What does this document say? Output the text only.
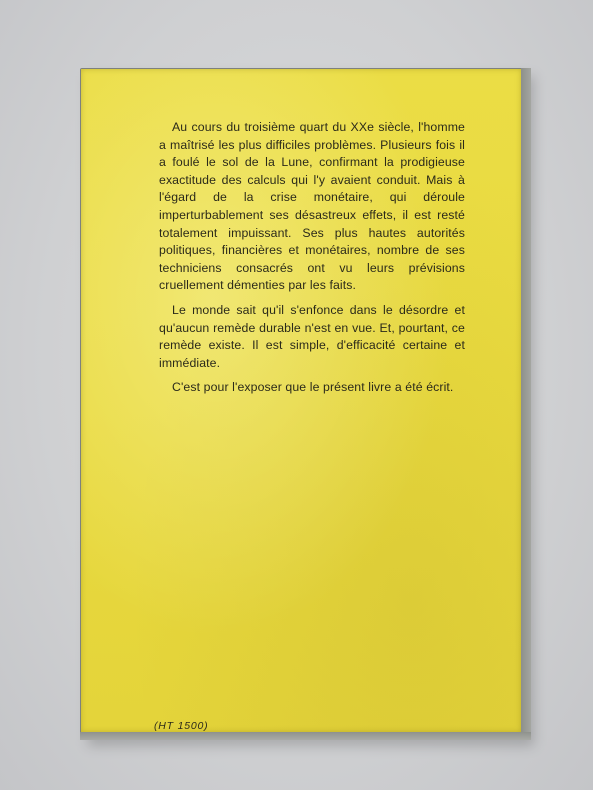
Au cours du troisième quart du XXe siècle, l'homme a maîtrisé les plus difficiles problèmes. Plusieurs fois il a foulé le sol de la Lune, confirmant la prodigieuse exactitude des calculs qui l'y avaient conduit. Mais à l'égard de la crise monétaire, qui déroule imperturbablement ses désastreux effets, il est resté totalement impuissant. Ses plus hautes autorités politiques, financières et monétaires, nombre de ses techniciens consacrés ont vu leurs prévisions cruellement démenties par les faits.

Le monde sait qu'il s'enfonce dans le désordre et qu'aucun remède durable n'est en vue. Et, pourtant, ce remède existe. Il est simple, d'efficacité certaine et immédiate.

C'est pour l'exposer que le présent livre a été écrit.

(HT 1500)
